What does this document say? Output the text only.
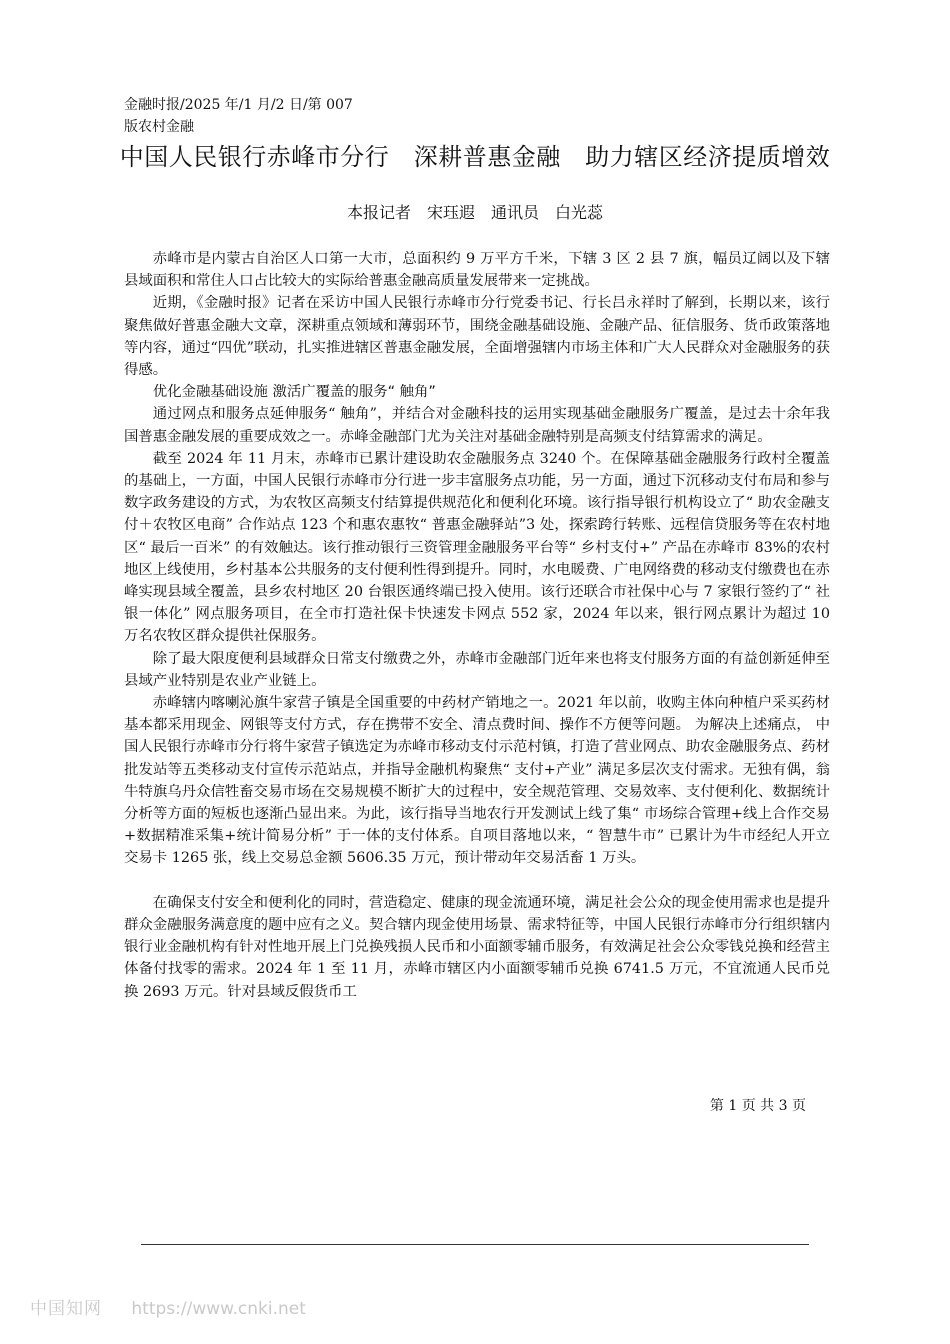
金融时报/2025 年/1 月/2 日/第 007
版农村金融
中国人民银行赤峰市分行　深耕普惠金融　助力辖区经济提质增效
本报记者　宋珏遐　通讯员　白光蕊

赤峰市是内蒙古自治区人口第一大市，总面积约 9 万平方千米，下辖 3 区 2 县 7 旗，幅员辽阔以及下辖县域面积和常住人口占比较大的实际给普惠金融高质量发展带来一定挑战。

近期，《金融时报》记者在采访中国人民银行赤峰市分行党委书记、行长吕永祥时了解到，长期以来，该行聚焦做好普惠金融大文章，深耕重点领域和薄弱环节，围绕金融基础设施、金融产品、征信服务、货币政策落地等内容，通过“四优”联动，扎实推进辖区普惠金融发展，全面增强辖内市场主体和广大人民群众对金融服务的获得感。

优化金融基础设施 激活广覆盖的服务“ 触角”

通过网点和服务点延伸服务“ 触角”，并结合对金融科技的运用实现基础金融服务广覆盖，是过去十余年我国普惠金融发展的重要成效之一。赤峰金融部门尤为关注对基础金融特别是高频支付结算需求的满足。

截至 2024 年 11 月末，赤峰市已累计建设助农金融服务点 3240 个。在保障基础金融服务行政村全覆盖的基础上，一方面，中国人民银行赤峰市分行进一步丰富服务点功能，另一方面，通过下沉移动支付布局和参与数字政务建设的方式，为农牧区高频支付结算提供规范化和便利化环境。该行指导银行机构设立了“ 助农金融支付＋农牧区电商” 合作站点 123 个和惠农惠牧“ 普惠金融驿站”3 处，探索跨行转账、远程信贷服务等在农村地区“ 最后一百米” 的有效触达。该行推动银行三资管理金融服务平台等“ 乡村支付+” 产品在赤峰市 83%的农村地区上线使用，乡村基本公共服务的支付便利性得到提升。同时，水电暖费、广电网络费的移动支付缴费也在赤峰实现县域全覆盖，县乡农村地区 20 台银医通终端已投入使用。该行还联合市社保中心与 7 家银行签约了“ 社银一体化” 网点服务项目，在全市打造社保卡快速发卡网点 552 家，2024 年以来，银行网点累计为超过 10 万名农牧区群众提供社保服务。

除了最大限度便利县域群众日常支付缴费之外，赤峰市金融部门近年来也将支付服务方面的有益创新延伸至县域产业特别是农业产业链上。

赤峰辖内喀喇沁旗牛家营子镇是全国重要的中药材产销地之一。2021 年以前，收购主体向种植户采买药材基本都采用现金、网银等支付方式，存在携带不安全、清点费时间、操作不方便等问题。 为解决上述痛点， 中国人民银行赤峰市分行将牛家营子镇选定为赤峰市移动支付示范村镇，打造了营业网点、助农金融服务点、药材批发站等五类移动支付宣传示范站点，并指导金融机构聚焦“ 支付+产业” 满足多层次支付需求。无独有偶，翁牛特旗乌丹众信牲畜交易市场在交易规模不断扩大的过程中，安全规范管理、交易效率、支付便利化、数据统计分析等方面的短板也逐渐凸显出来。为此，该行指导当地农行开发测试上线了集“ 市场综合管理+线上合作交易+数据精准采集+统计简易分析” 于一体的支付体系。自项目落地以来，“ 智慧牛市” 已累计为牛市经纪人开立交易卡 1265 张，线上交易总金额 5606.35 万元，预计带动年交易活畜 1 万头。

在确保支付安全和便利化的同时，营造稳定、健康的现金流通环境，满足社会公众的现金使用需求也是提升群众金融服务满意度的题中应有之义。契合辖内现金使用场景、需求特征等，中国人民银行赤峰市分行组织辖内银行业金融机构有针对性地开展上门兑换残损人民币和小面额零辅币服务，有效满足社会公众零钱兑换和经营主体备付找零的需求。2024 年 1 至 11 月，赤峰市辖区内小面额零辅币兑换 6741.5 万元，不宜流通人民币兑换 2693 万元。针对县域反假货币工

第 1 页 共 3 页
中国知网 https://www.cnki.net
